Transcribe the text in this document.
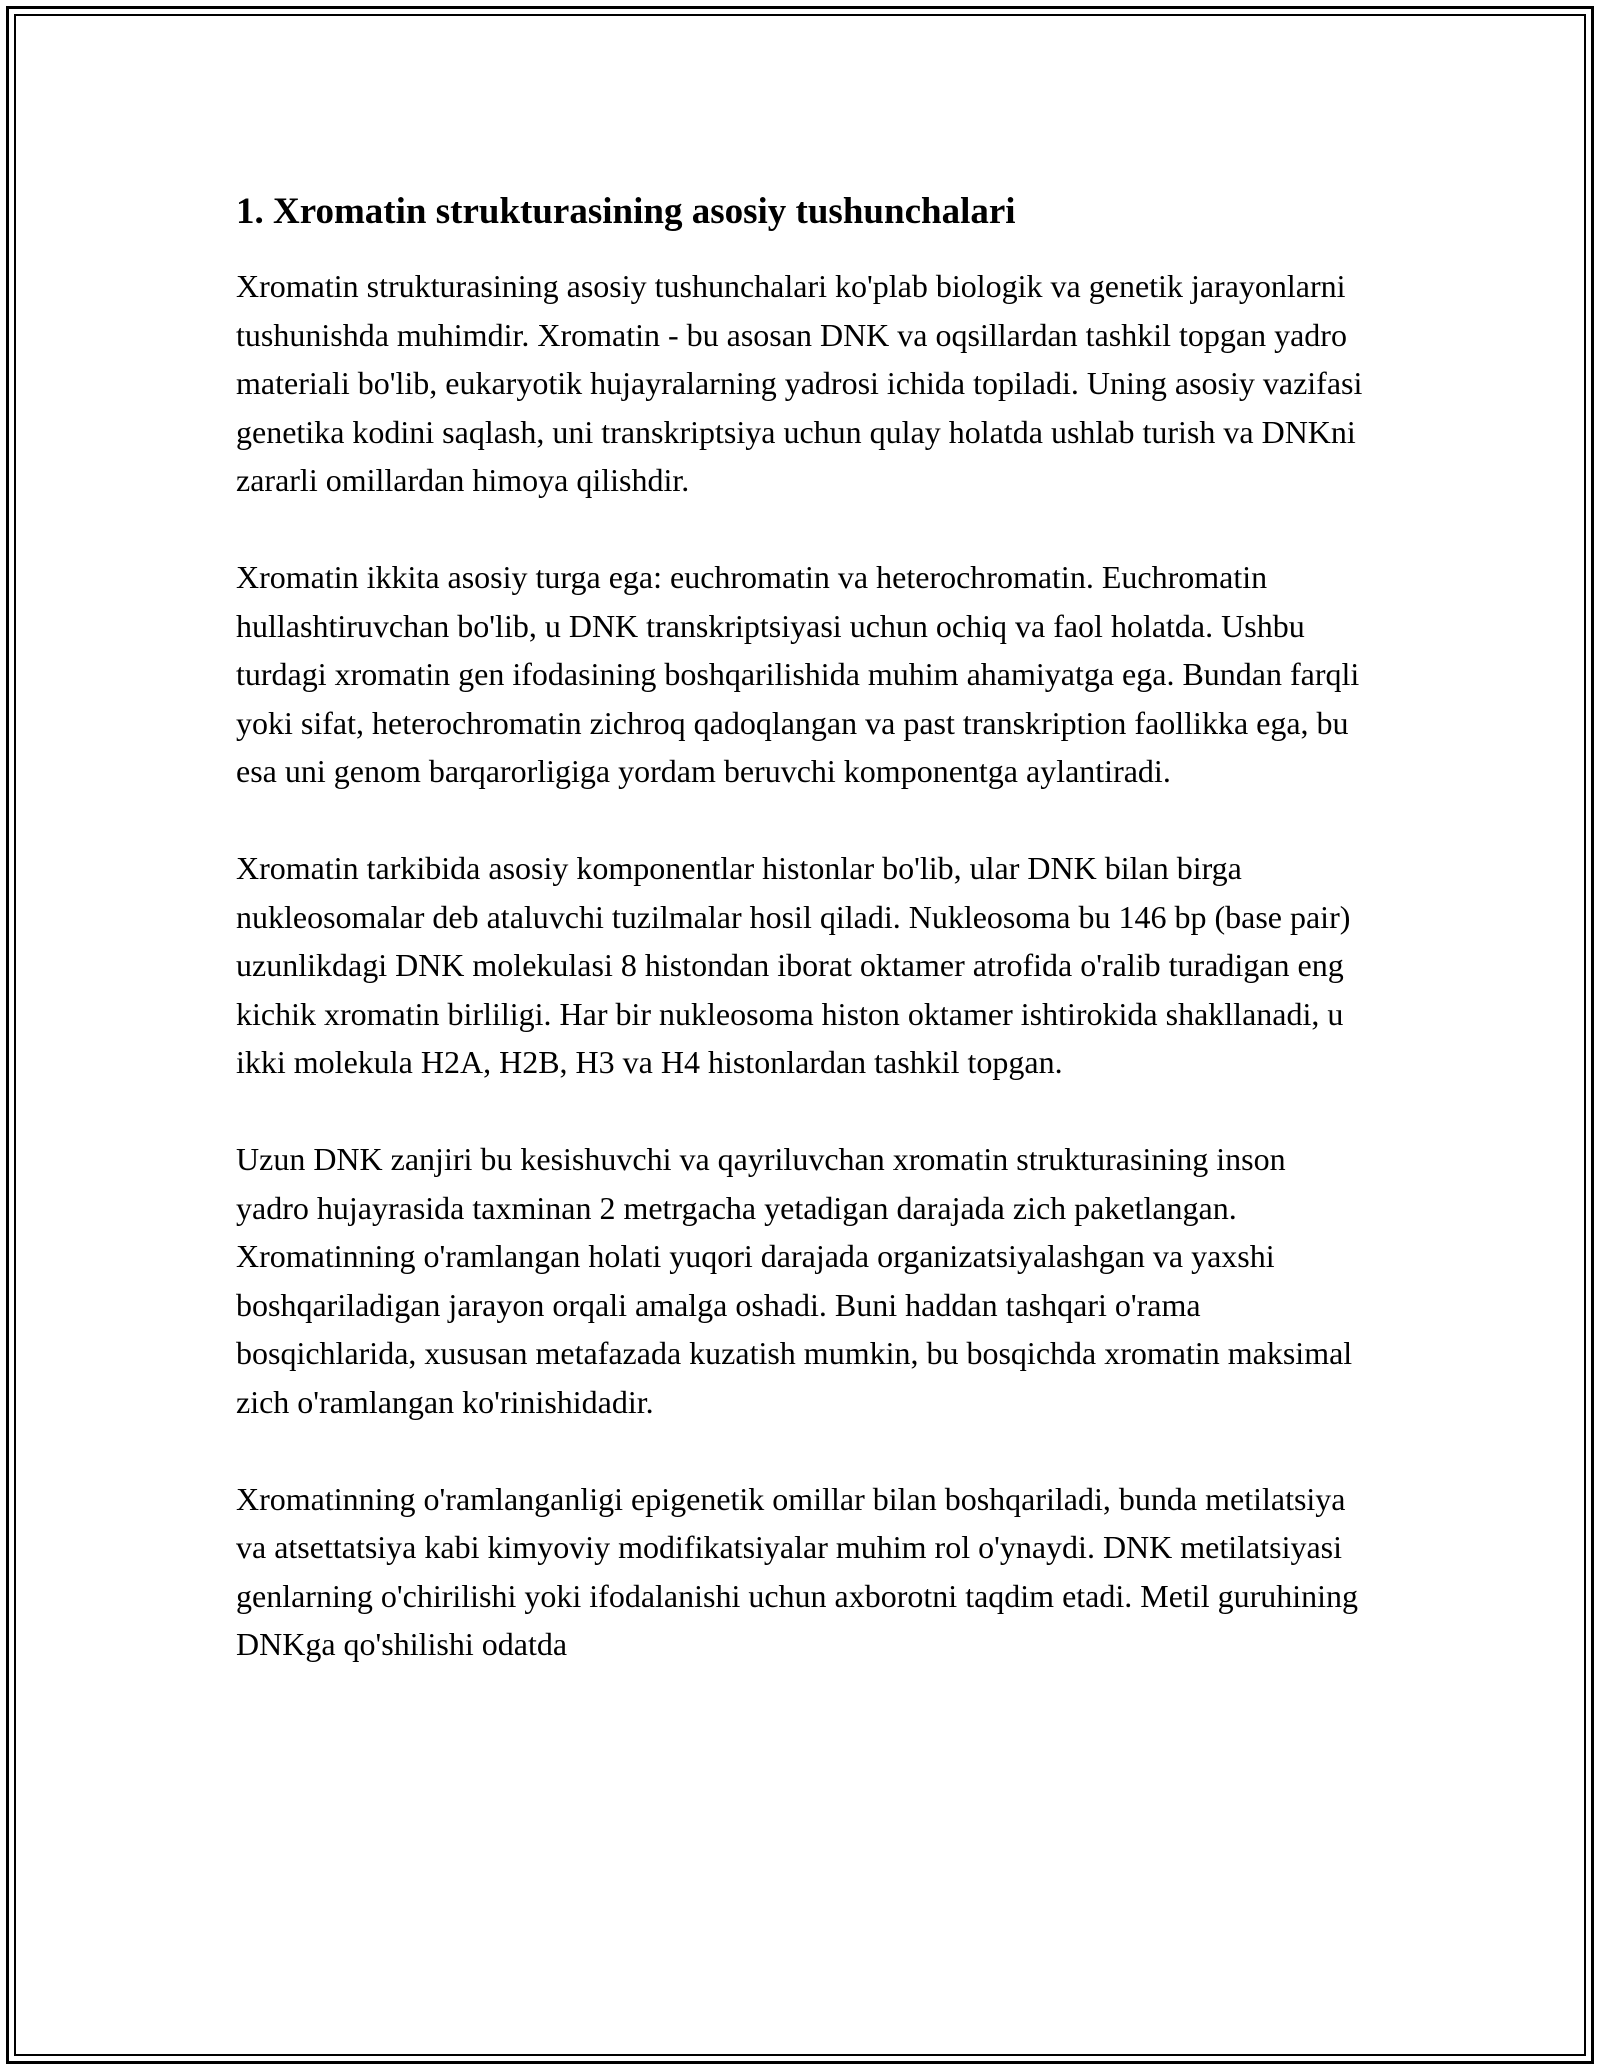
1. Xromatin strukturasining asosiy tushunchalari

Xromatin strukturasining asosiy tushunchalari ko'plab biologik va genetik jarayonlarni tushunishda muhimdir. Xromatin - bu asosan DNK va oqsillardan tashkil topgan yadro materiali bo'lib, eukaryotik hujayralarning yadrosi ichida topiladi. Uning asosiy vazifasi genetika kodini saqlash, uni transkriptsiya uchun qulay holatda ushlab turish va DNKni zararli omillardan himoya qilishdir.

Xromatin ikkita asosiy turga ega: euchromatin va heterochromatin. Euchromatin hullashtiruvchan bo'lib, u DNK transkriptsiyasi uchun ochiq va faol holatda. Ushbu turdagi xromatin gen ifodasining boshqarilishida muhim ahamiyatga ega. Bundan farqli yoki sifat, heterochromatin zichroq qadoqlangan va past transkription faollikka ega, bu esa uni genom barqarorligiga yordam beruvchi komponentga aylantiradi.

Xromatin tarkibida asosiy komponentlar histonlar bo'lib, ular DNK bilan birga nukleosomalar deb ataluvchi tuzilmalar hosil qiladi. Nukleosoma bu 146 bp (base pair) uzunlikdagi DNK molekulasi 8 histondan iborat oktamer atrofida o'ralib turadigan eng kichik xromatin birliligi. Har bir nukleosoma histon oktamer ishtirokida shakllanadi, u ikki molekula H2A, H2B, H3 va H4 histonlardan tashkil topgan.

Uzun DNK zanjiri bu kesishuvchi va qayriluvchan xromatin strukturasining inson yadro hujayrasida taxminan 2 metrgacha yetadigan darajada zich paketlangan. Xromatinning o'ramlangan holati yuqori darajada organizatsiyalashgan va yaxshi boshqariladigan jarayon orqali amalga oshadi. Buni haddan tashqari o'rama bosqichlarida, xususan metafazada kuzatish mumkin, bu bosqichda xromatin maksimal zich o'ramlangan ko'rinishidadir.

Xromatinning o'ramlanganligi epigenetik omillar bilan boshqariladi, bunda metilatsiya va atsettatsiya kabi kimyoviy modifikatsiyalar muhim rol o'ynaydi. DNK metilatsiyasi genlarning o'chirilishi yoki ifodalanishi uchun axborotni taqdim etadi. Metil guruhining DNKga qo'shilishi odatda
